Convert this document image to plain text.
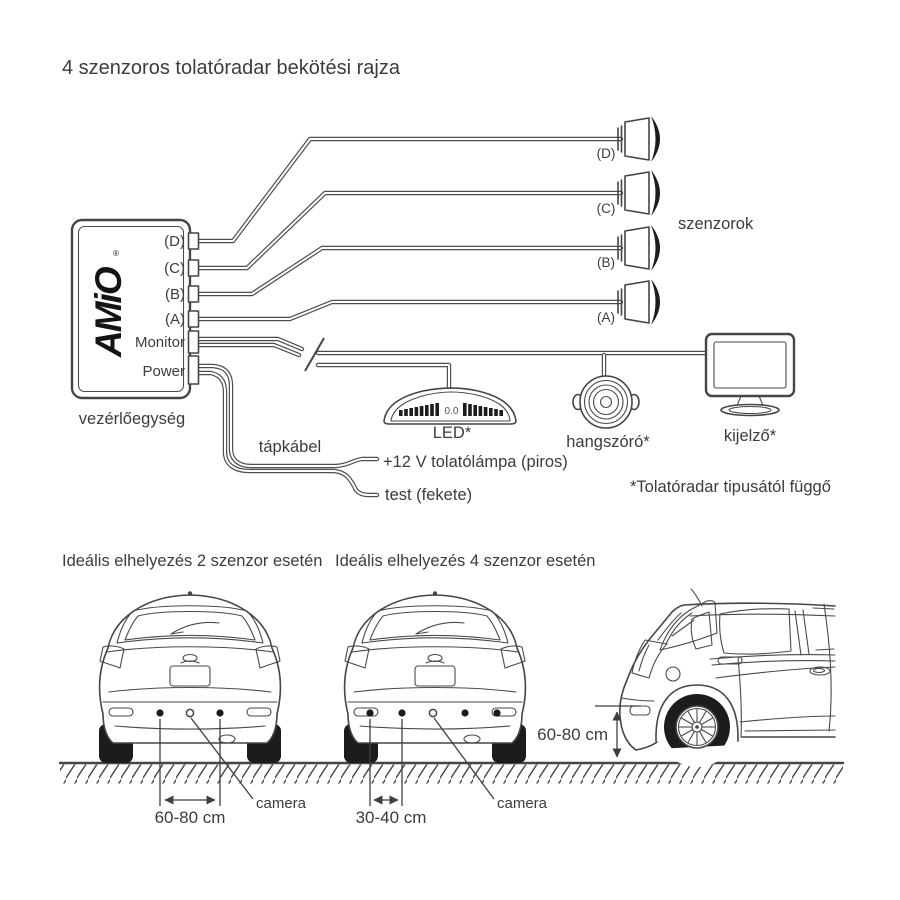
4 szenzoros tolatóradar bekötési rajza
AMiO
®
(D)
(C)
(B)
(A)
Monitor
Power
vezérlőegység
(D)
(C)
(B)
(A)
szenzorok
0.0
LED*	hangszóró*	kijelző*
tápkábel
+12 V tolatólámpa (piros)
test (fekete)	*Tolatóradar tipusától függő
Ideális elhelyezés 2 szenzor esetén Ideális elhelyezés 4 szenzor esetén
60-80 cm
camera
30-40 cm
camera
60-80 cm
